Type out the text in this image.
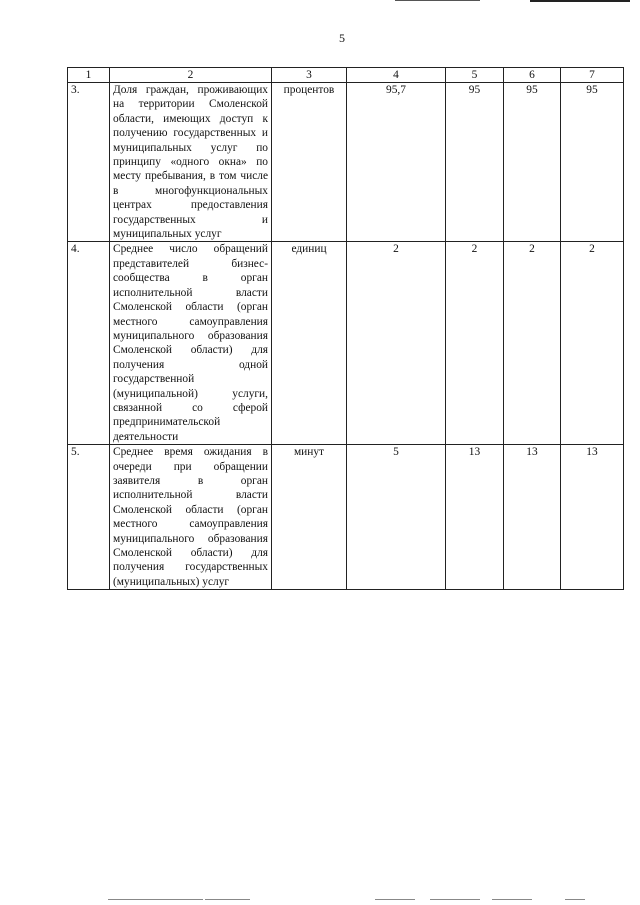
5
1	2	3	4	5	6	7
3.	Доля граждан, проживающих на территории Смоленской области, имеющих доступ к получению государственных и муниципальных услуг по принципу «одного окна» по месту пребывания, в том числе в многофункциональных центрах предоставления государственных и муниципальных услуг	процентов	95,7	95	95	95
4.	Среднее число обращений представителей бизнес-сообщества в орган исполнительной власти Смоленской области (орган местного самоуправления муниципального образования Смоленской области) для получения одной государственной (муниципальной) услуги, связанной со сферой предпринимательской деятельности	единиц	2	2	2	2
5.	Среднее время ожидания в очереди при обращении заявителя в орган исполнительной власти Смоленской области (орган местного самоуправления муниципального образования Смоленской области) для получения государственных (муниципальных) услуг	минут	5	13	13	13
